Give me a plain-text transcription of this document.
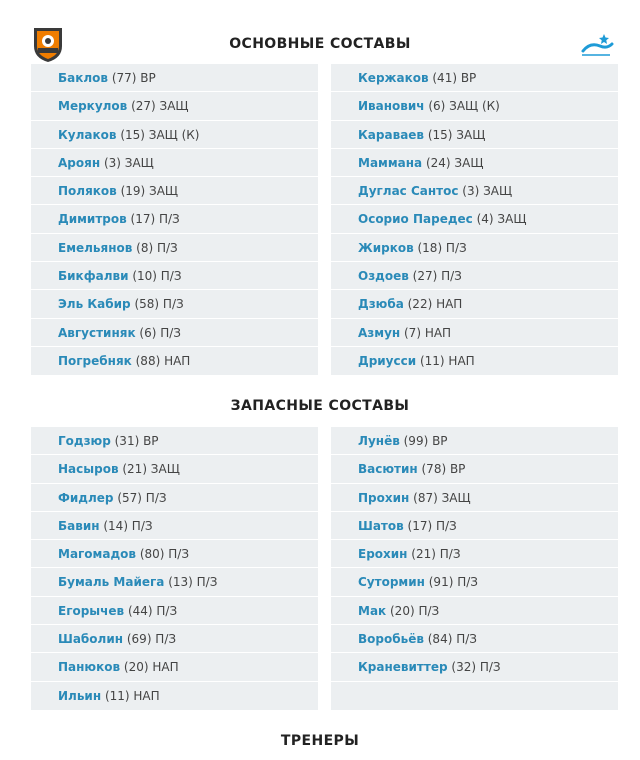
ОСНОВНЫЕ СОСТАВЫ
Баклов (77) ВР
Меркулов (27) ЗАЩ
Кулаков (15) ЗАЩ (К)
Ароян (3) ЗАЩ
Поляков (19) ЗАЩ
Димитров (17) П/З
Емельянов (8) П/З
Бикфалви (10) П/З
Эль Кабир (58) П/З
Августиняк (6) П/З
Погребняк (88) НАП
Кержаков (41) ВР
Иванович (6) ЗАЩ (К)
Караваев (15) ЗАЩ
Маммана (24) ЗАЩ
Дуглас Сантос (3) ЗАЩ
Осорио Паредес (4) ЗАЩ
Жирков (18) П/З
Оздоев (27) П/З
Дзюба (22) НАП
Азмун (7) НАП
Дриусси (11) НАП
ЗАПАСНЫЕ СОСТАВЫ
Годзюр (31) ВР
Насыров (21) ЗАЩ
Фидлер (57) П/З
Бавин (14) П/З
Магомадов (80) П/З
Бумаль Майега (13) П/З
Егорычев (44) П/З
Шаболин (69) П/З
Панюков (20) НАП
Ильин (11) НАП
Лунёв (99) ВР
Васютин (78) ВР
Прохин (87) ЗАЩ
Шатов (17) П/З
Ерохин (21) П/З
Сутормин (91) П/З
Мак (20) П/З
Воробьёв (84) П/З
Краневиттер (32) П/З
ТРЕНЕРЫ
